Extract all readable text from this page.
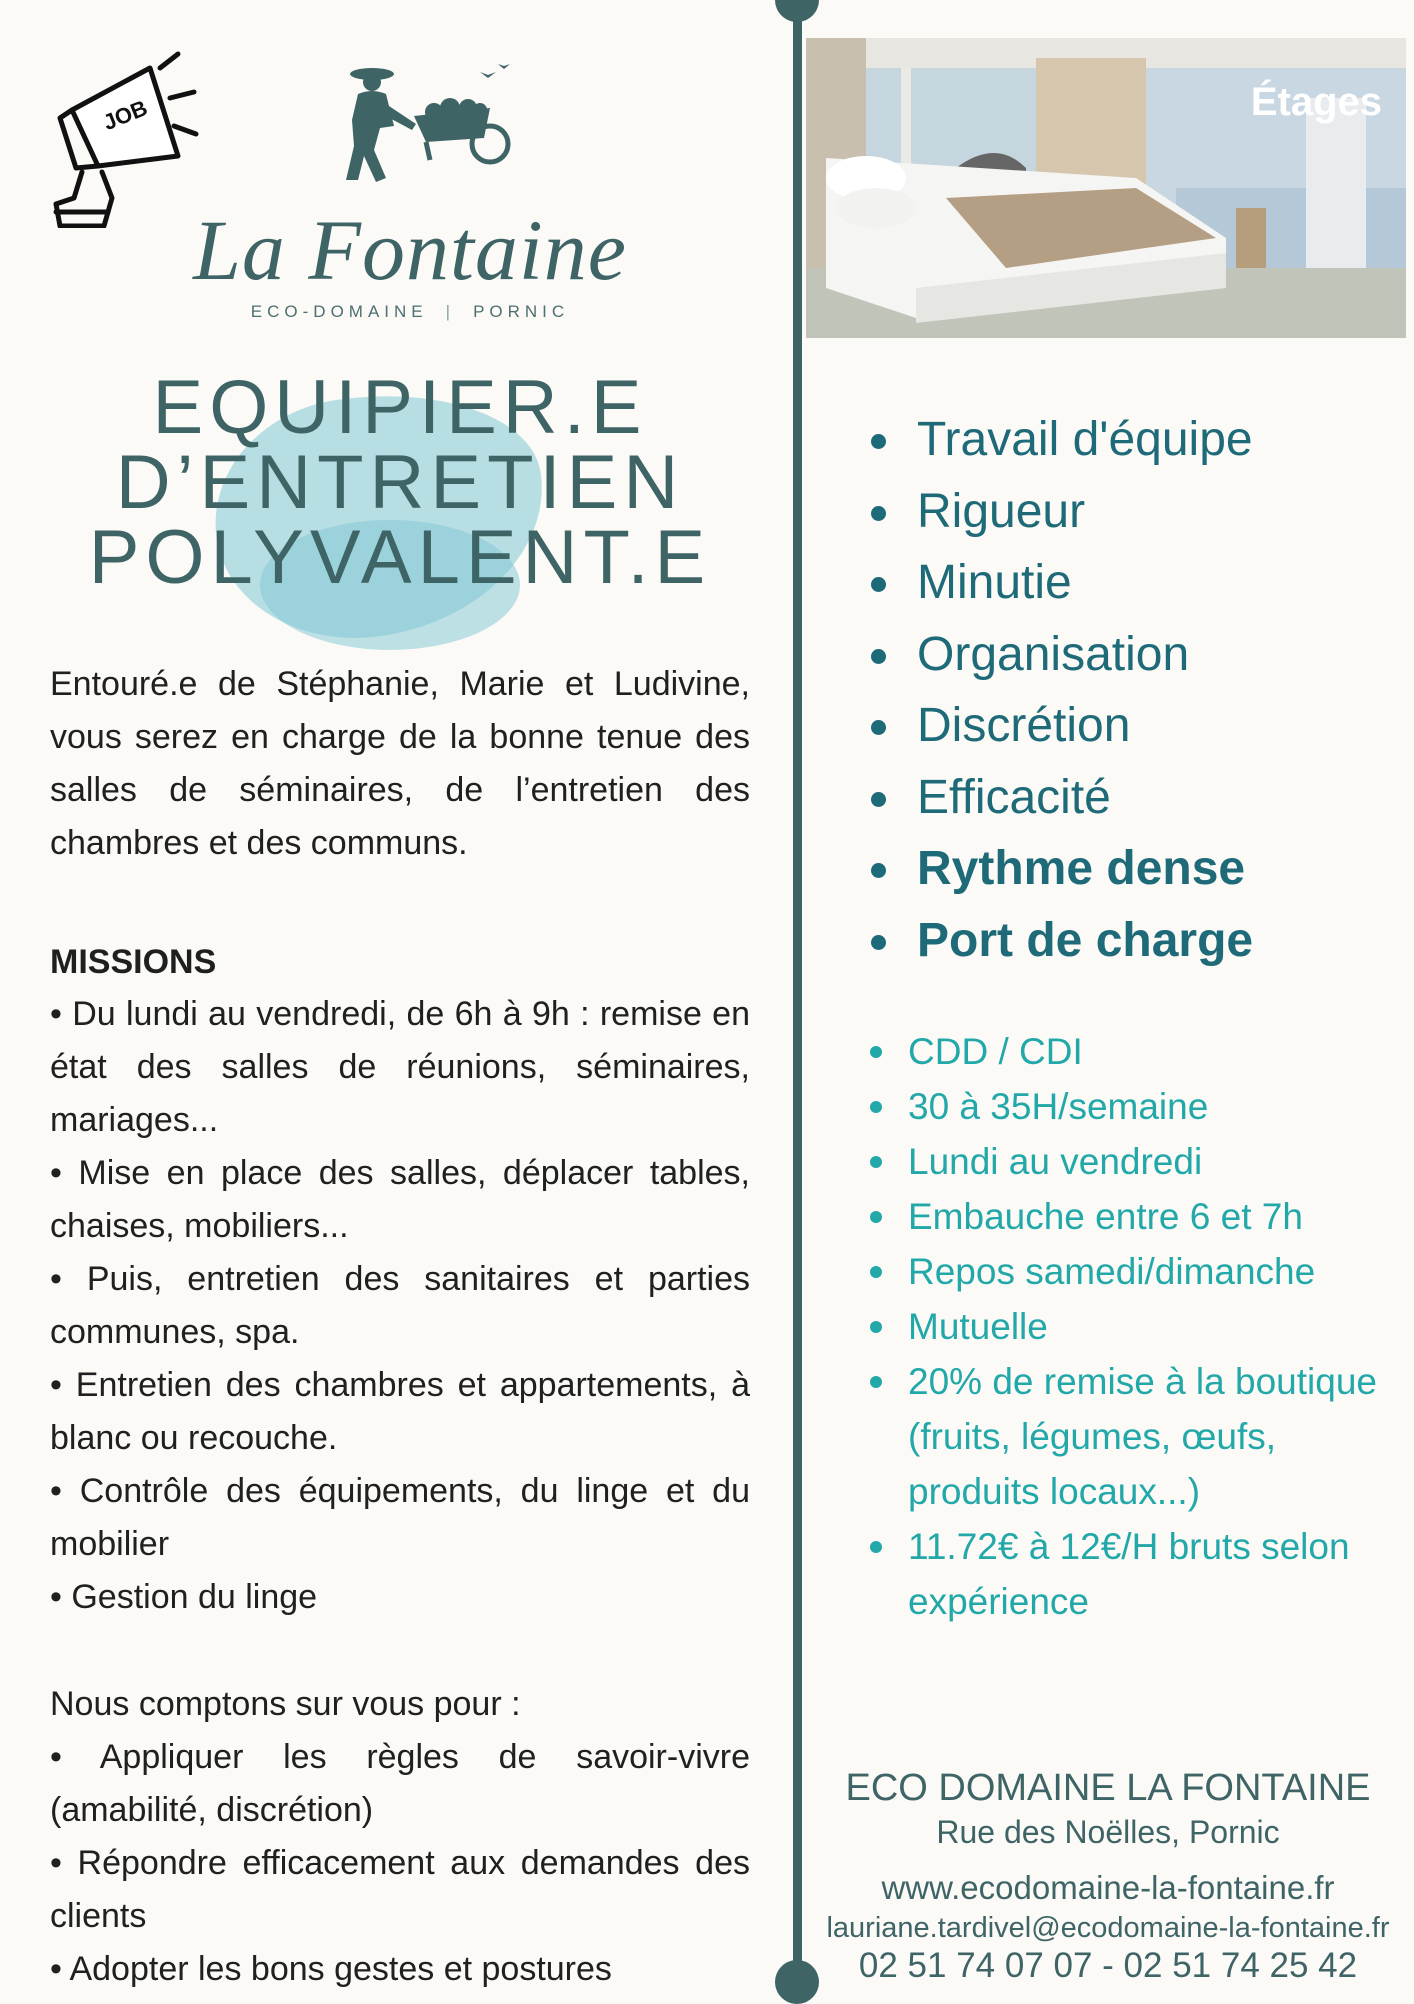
JOB
La Fontaine
ECO-DOMAINE | PORNIC
EQUIPIER.E
D’ENTRETIEN
POLYVALENT.E
Entouré.e de Stéphanie, Marie et Ludivine, vous serez en charge de la bonne tenue des salles de séminaires, de l’entretien des chambres et des communs.
MISSIONS

• Du lundi au vendredi, de 6h à 9h : remise en état des salles de réunions, séminaires, mariages...

• Mise en place des salles, déplacer tables, chaises, mobiliers...

• Puis, entretien des sanitaires et parties communes, spa.

• Entretien des chambres et appartements, à blanc ou recouche.

• Contrôle des équipements, du linge et du mobilier

• Gestion du linge

Nous comptons sur vous pour :

• Appliquer les règles de savoir-vivre (amabilité, discrétion)

• Répondre efficacement aux demandes des clients

• Adopter les bons gestes et postures

Étages
Travail d'équipe
Rigueur
Minutie
Organisation
Discrétion
Efficacité
Rythme dense
Port de charge
CDD / CDI
30 à 35H/semaine
Lundi au vendredi
Embauche entre 6 et 7h
Repos samedi/dimanche
Mutuelle
20% de remise à la boutique (fruits, légumes, œufs, produits locaux...)
11.72€ à 12€/H bruts selon expérience
ECO DOMAINE LA FONTAINE
Rue des Noëlles, Pornic
www.ecodomaine-la-fontaine.fr
lauriane.tardivel@ecodomaine-la-fontaine.fr
02 51 74 07 07 - 02 51 74 25 42
